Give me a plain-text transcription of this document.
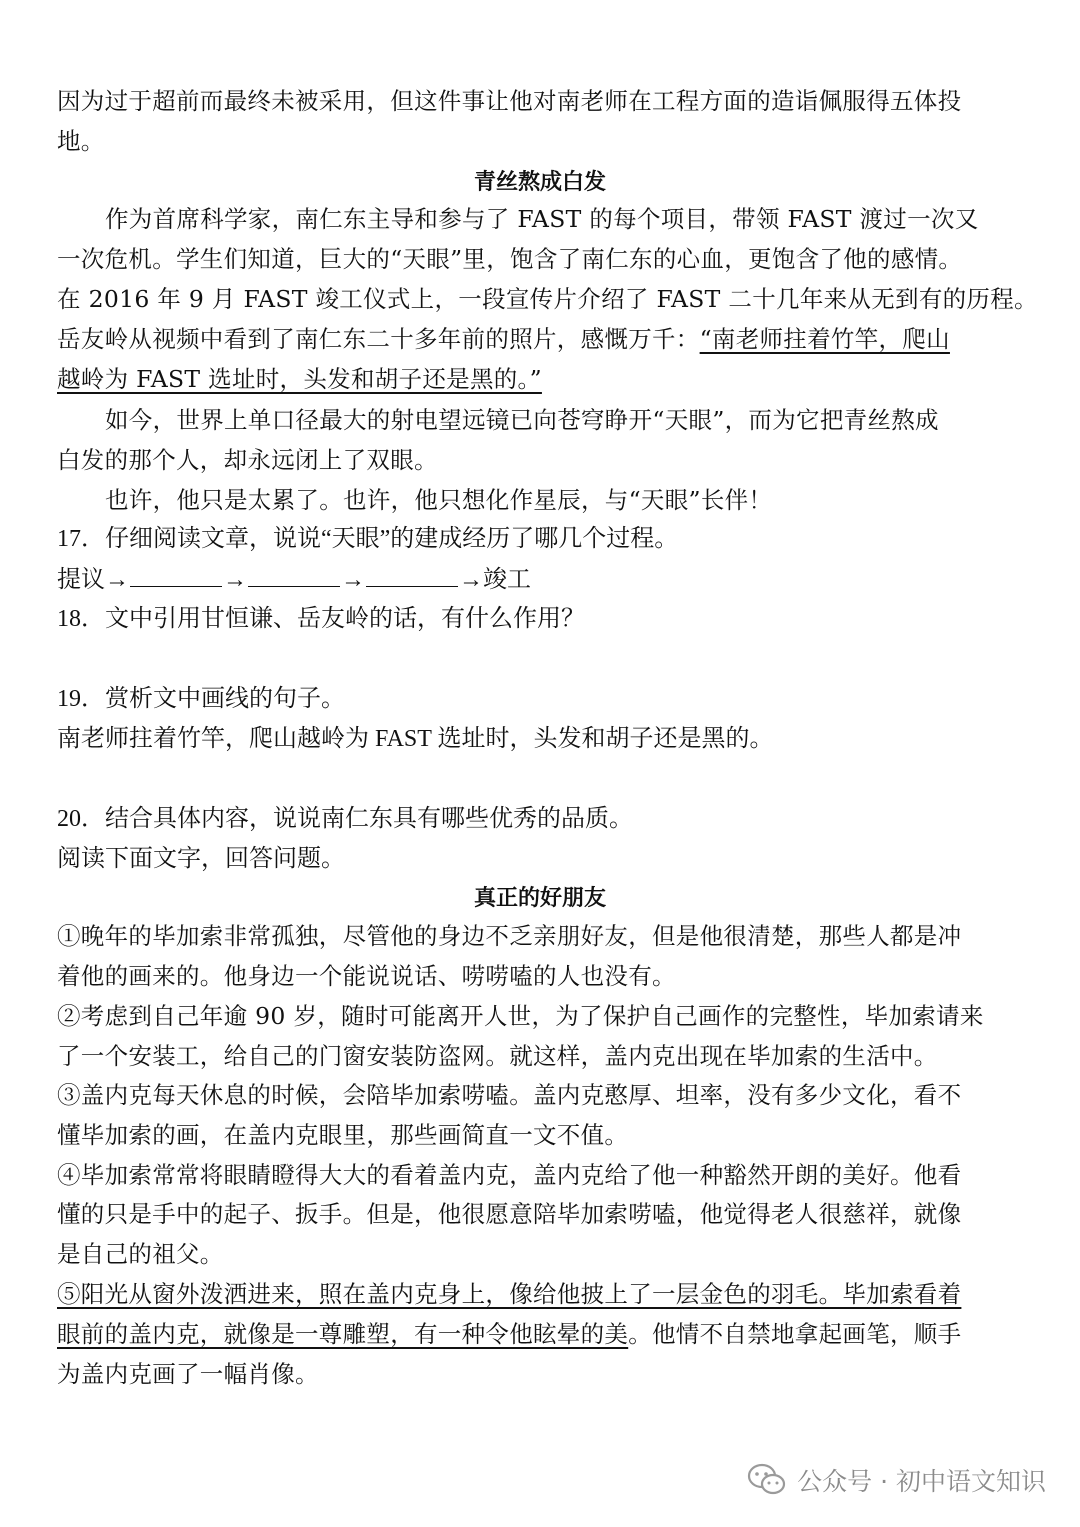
因为过于超前而最终未被采用，但这件事让他对南老师在工程方面的造诣佩服得五体投
地。
青丝熬成白发
作为首席科学家，南仁东主导和参与了 FAST 的每个项目，带领 FAST 渡过一次又
一次危机。学生们知道，巨大的“天眼”里，饱含了南仁东的心血，更饱含了他的感情。
在 2016 年 9 月 FAST 竣工仪式上，一段宣传片介绍了 FAST 二十几年来从无到有的历程。
岳友岭从视频中看到了南仁东二十多年前的照片，感慨万千：“南老师拄着竹竿，爬山
越岭为 FAST 选址时，头发和胡子还是黑的。”
如今，世界上单口径最大的射电望远镜已向苍穹睁开“天眼”，而为它把青丝熬成
白发的那个人，却永远闭上了双眼。
也许，他只是太累了。也许，他只想化作星辰，与“天眼”长伴！
17．仔细阅读文章，说说“天眼”的建成经历了哪几个过程。
提议→	→	→	→竣工
18．文中引用甘恒谦、岳友岭的话，有什么作用？
19．赏析文中画线的句子。
南老师拄着竹竿，爬山越岭为 FAST 选址时，头发和胡子还是黑的。
20．结合具体内容，说说南仁东具有哪些优秀的品质。
阅读下面文字，回答问题。
真正的好朋友
①晚年的毕加索非常孤独，尽管他的身边不乏亲朋好友，但是他很清楚，那些人都是冲
着他的画来的。他身边一个能说说话、唠唠嗑的人也没有。
②考虑到自己年逾 90 岁，随时可能离开人世，为了保护自己画作的完整性，毕加索请来
了一个安装工，给自己的门窗安装防盗网。就这样，盖内克出现在毕加索的生活中。
③盖内克每天休息的时候，会陪毕加索唠嗑。盖内克憨厚、坦率，没有多少文化，看不
懂毕加索的画，在盖内克眼里，那些画简直一文不值。
④毕加索常常将眼睛瞪得大大的看着盖内克，盖内克给了他一种豁然开朗的美好。他看
懂的只是手中的起子、扳手。但是，他很愿意陪毕加索唠嗑，他觉得老人很慈祥，就像
是自己的祖父。
⑤阳光从窗外泼洒进来，照在盖内克身上，像给他披上了一层金色的羽毛。毕加索看着
眼前的盖内克，就像是一尊雕塑，有一种令他眩晕的美。他情不自禁地拿起画笔，顺手
为盖内克画了一幅肖像。
公众号 · 初中语文知识
